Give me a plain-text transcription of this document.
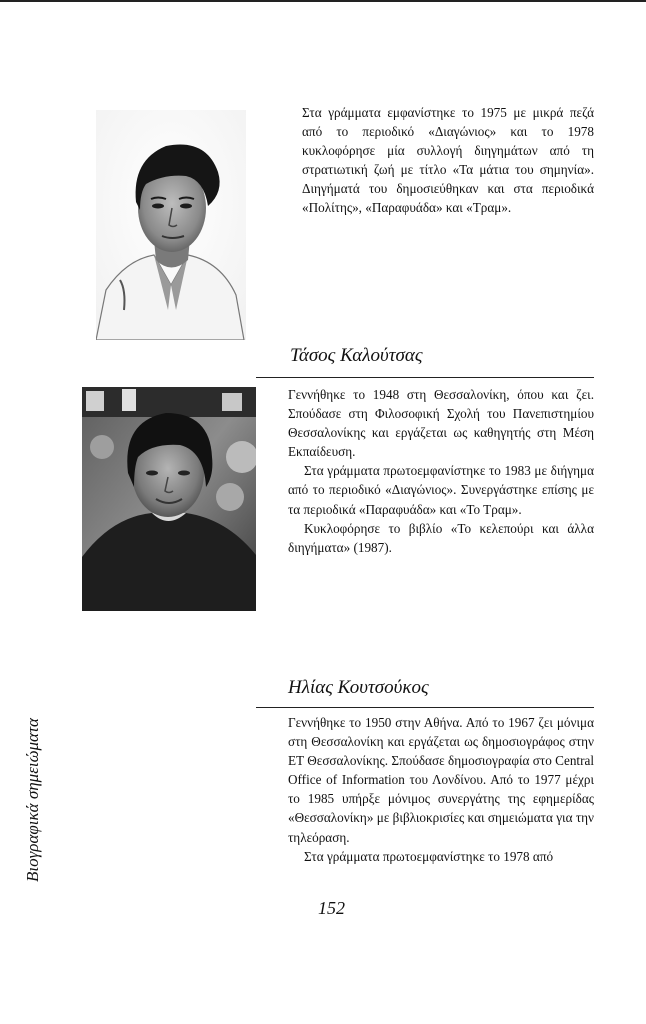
Στα γράμματα εμφανίστηκε το 1975 με μικρά πεζά από το περιοδικό «Διαγώνιος» και το 1978 κυκλοφόρησε μία συλλογή διηγημάτων από τη στρατιωτική ζωή με τίτλο «Τα μάτια του σημηνία». Διηγήματά του δημοσιεύθηκαν και στα περιοδικά «Πολίτης», «Παραφυάδα» και «Τραμ».

Τάσος Καλούτσας

Γεννήθηκε το 1948 στη Θεσσαλονίκη, όπου και ζει. Σπούδασε στη Φιλοσοφική Σχολή του Πανεπιστημίου Θεσσαλονίκης και εργάζεται ως καθηγητής στη Μέση Εκπαίδευση.

Στα γράμματα πρωτοεμφανίστηκε το 1983 με διήγημα από το περιοδικό «Διαγώνιος». Συνεργάστηκε επίσης με τα περιοδικά «Παραφυάδα» και «Το Τραμ».

Κυκλοφόρησε το βιβλίο «Το κελεπούρι και άλλα διηγήματα» (1987).

Ηλίας Κουτσούκος

Γεννήθηκε το 1950 στην Αθήνα. Από το 1967 ζει μόνιμα στη Θεσσαλονίκη και εργάζεται ως δημοσιογράφος στην ΕΤ Θεσσαλονίκης. Σπούδασε δημοσιογραφία στο Central Office of Information του Λονδίνου. Από το 1977 μέχρι το 1985 υπήρξε μόνιμος συνεργάτης της εφημερίδας «Θεσσαλονίκη» με βιβλιοκρισίες και σημειώματα για την τηλεόραση.

Στα γράμματα πρωτοεμφανίστηκε το 1978 από

Βιογραφικά σημειώματα
152
